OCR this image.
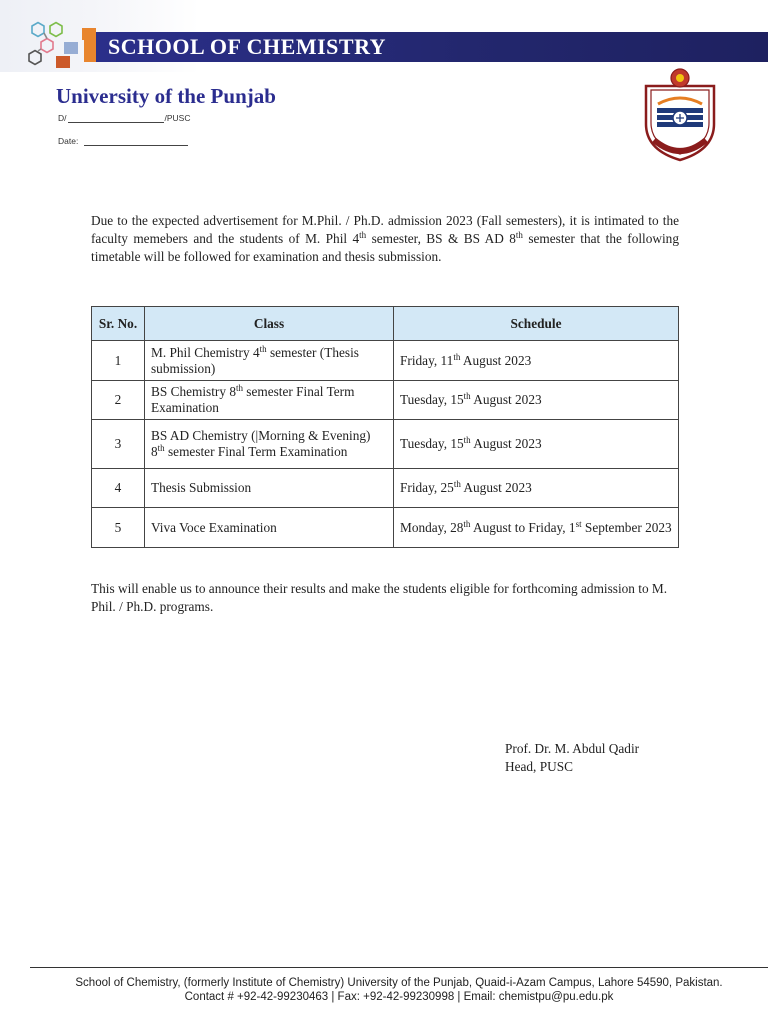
SCHOOL OF CHEMISTRY
University of the Punjab
D/	/PUSC
Date:

Due to the expected advertisement for M.Phil. / Ph.D. admission 2023 (Fall semesters), it is intimated to the faculty memebers and the students of M. Phil 4th semester, BS & BS AD 8th semester that the following timetable will be followed for examination and thesis submission.

Sr. No.	Class	Schedule
1	M. Phil Chemistry 4th semester (Thesis submission)	Friday, 11th August 2023
2	BS Chemistry 8th semester Final Term Examination	Tuesday, 15th August 2023
3	BS AD Chemistry (|Morning & Evening) 8th semester Final Term Examination	Tuesday, 15th August 2023
4	Thesis Submission	Friday, 25th August 2023
5	Viva Voce Examination	Monday, 28th August to Friday, 1st September 2023

This will enable us to announce their results and make the students eligible for forthcoming admission to M. Phil. / Ph.D. programs.

Prof. Dr. M. Abdul Qadir
Head, PUSC
School of Chemistry, (formerly Institute of Chemistry) University of the Punjab, Quaid-i-Azam Campus, Lahore 54590, Pakistan.
Contact # +92-42-99230463 | Fax: +92-42-99230998 | Email: chemistpu@pu.edu.pk
